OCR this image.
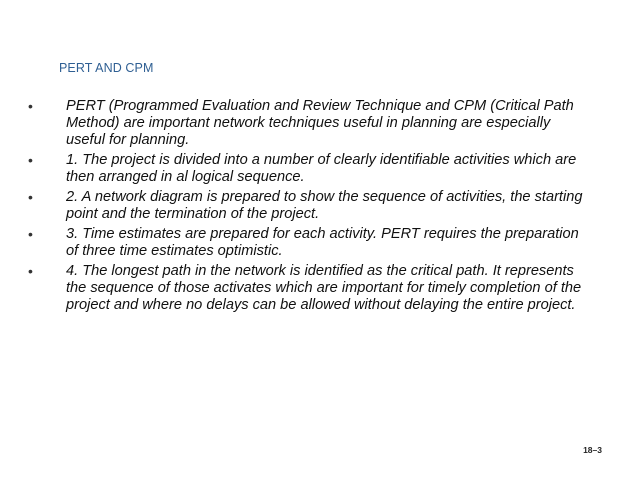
PERT AND CPM
• PERT (Programmed Evaluation and Review Technique and CPM (Critical Path Method) are important network techniques useful in planning are especially useful for planning.
• 1. The project is divided into a number of clearly identifiable activities which are then arranged in al logical sequence.
• 2. A network diagram is prepared to show the sequence of activities, the starting point and the termination of the project.
• 3. Time estimates are prepared for each activity. PERT requires the preparation of three time estimates optimistic.
• 4. The longest path in the network is identified as the critical path. It represents the sequence of those activates which are important for timely completion of the project and where no delays can be allowed without delaying the entire project.
18–3
